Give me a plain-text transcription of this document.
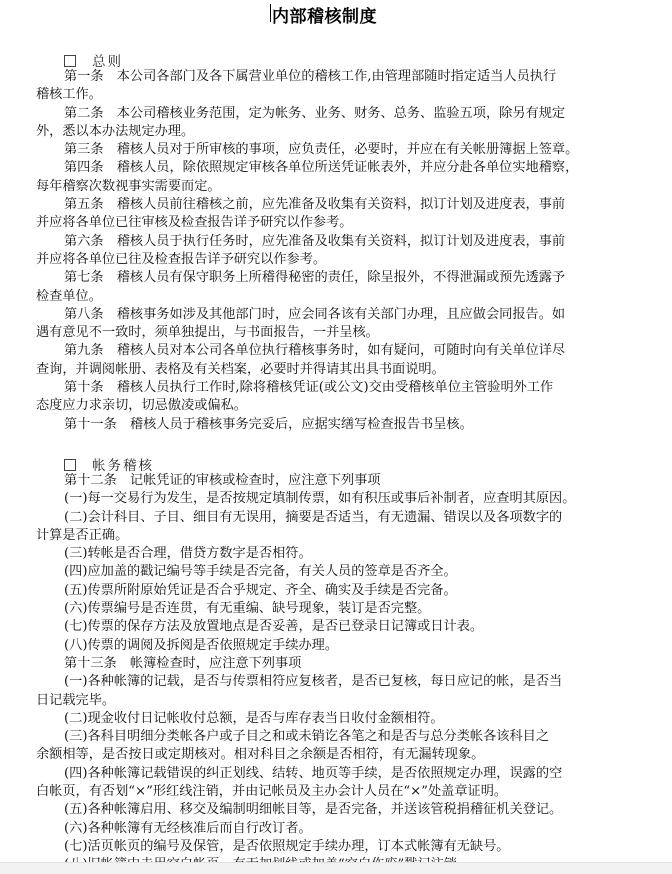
内部稽核制度
总则
第一条　本公司各部门及各下属营业单位的稽核工作,由管理部随时指定适当人员执行
稽核工作。
第二条　本公司稽核业务范围，定为帐务、业务、财务、总务、监验五项，除另有规定
外，悉以本办法规定办理。
第三条　稽核人员对于所审核的事项，应负责任，必要时，并应在有关帐册簿据上签章。
第四条　稽核人员，除依照规定审核各单位所送凭证帐表外，并应分赴各单位实地稽察，
每年稽察次数视事实需要而定。
第五条　稽核人员前往稽核之前，应先准备及收集有关资料，拟订计划及进度表，事前
并应将各单位已往审核及检查报告详予研究以作参考。
第六条　稽核人员于执行任务时，应先准备及收集有关资料，拟订计划及进度表，事前
并应将各单位已往及检查报告详予研究以作参考。
第七条　稽核人员有保守职务上所稽得秘密的责任，除呈报外，不得泄漏或预先透露予
检查单位。
第八条　稽核事务如涉及其他部门时，应会同各该有关部门办理，且应做会同报告。如
遇有意见不一致时，须单独提出，与书面报告，一并呈核。
第九条　稽核人员对本公司各单位执行稽核事务时，如有疑问，可随时向有关单位详尽
查询，并调阅帐册、表格及有关档案，必要时并得请其出具书面说明。
第十条　稽核人员执行工作时,除将稽核凭证(或公文)交由受稽核单位主管验明外工作
态度应力求亲切，切忌傲凌或偏私。
第十一条　稽核人员于稽核事务完妥后，应据实缮写检查报告书呈核。
帐务稽核
第十二条　记帐凭证的审核或检查时，应注意下列事项
(一)每一交易行为发生，是否按规定填制传票，如有积压或事后补制者，应查明其原因。
(二)会计科目、子目、细目有无误用，摘要是否适当，有无遗漏、错误以及各项数字的
计算是否正确。
(三)转帐是否合理，借贷方数字是否相符。
(四)应加盖的戳记编号等手续是否完备，有关人员的签章是否齐全。
(五)传票所附原始凭证是否合乎规定、齐全、确实及手续是否完备。
(六)传票编号是否连贯，有无重编、缺号现象，装订是否完整。
(七)传票的保存方法及放置地点是否妥善，是否已登录日记簿或日计表。
(八)传票的调阅及拆阅是否依照规定手续办理。
第十三条　帐簿检查时，应注意下列事项
(一)各种帐簿的记载，是否与传票相符应复核者，是否已复核，每日应记的帐，是否当
日记载完毕。
(二)现金收付日记帐收付总额，是否与库存表当日收付金额相符。
(三)各科目明细分类帐各户或子目之和或未销讫各笔之和是否与总分类帐各该科目之
余额相等，是否按日或定期核对。相对科目之余额是否相符，有无漏转现象。
(四)各种帐簿记载错误的纠正划线、结转、地页等手续，是否依照规定办理，误露的空
白帐页，有否划“×”形红线注销，并由记帐员及主办会计人员在“×”处盖章证明。
(五)各种帐簿启用、移交及编制明细帐目等，是否完备，并送该管税捐稽征机关登记。
(六)各种帐簿有无经核准后而自行改订者。
(七)活页帐页的编号及保管，是否依照规定手续办理，订本式帐簿有无缺号。
